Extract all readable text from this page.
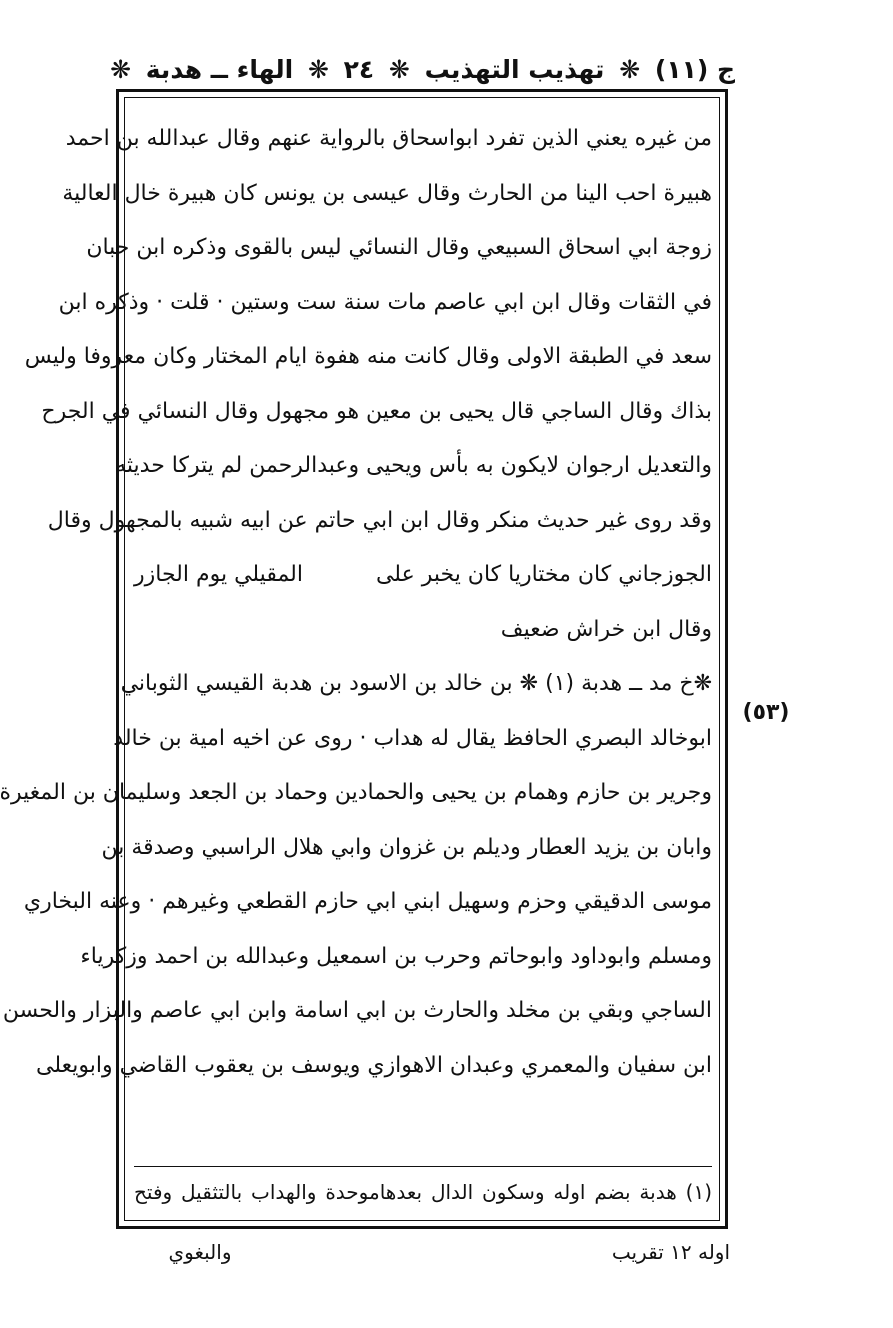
ج (١١)
❋
تهذيب التهذيب
❋
٢٤
❋
الهاء ــ هدبة
❋
(٥٣)
من غيره يعني الذين تفرد ابواسحاق بالرواية عنهم وقال عبدالله بن احمد
هبيرة احب الينا من الحارث وقال عيسى بن يونس كان هبيرة خال العالية
زوجة ابي اسحاق السبيعي وقال النسائي ليس بالقوى وذكره ابن حبان
في الثقات وقال ابن ابي عاصم مات سنة ست وستين · قلت · وذكره ابن
سعد في الطبقة الاولى وقال كانت منه هفوة ايام المختار وكان معروفا وليس
بذاك وقال الساجي قال يحيى بن معين هو مجهول وقال النسائي في الجرح
والتعديل ارجوان لايكون به بأس ويحيى وعبدالرحمن لم يتركا حديثه
وقد روى غير حديث منكر وقال ابن ابي حاتم عن ابيه شبيه بالمجهول وقال
الجوزجاني كان مختاريا كان يخبر على
المقيلي يوم الجازر
وقال ابن خراش ضعيف
❋خ مد ــ هدبة (١) ❋ بن خالد بن الاسود بن هدبة القيسي الثوباني
ابوخالد البصري الحافظ يقال له هداب · روى عن اخيه امية بن خالد
وجرير بن حازم وهمام بن يحيى والحمادين وحماد بن الجعد وسليمان بن المغيرة
وابان بن يزيد العطار وديلم بن غزوان وابي هلال الراسبي وصدقة بن
موسى الدقيقي وحزم وسهيل ابني ابي حازم القطعي وغيرهم · وعنه البخاري
ومسلم وابوداود وابوحاتم وحرب بن اسمعيل وعبدالله بن احمد وزكرياء
الساجي وبقي بن مخلد والحارث بن ابي اسامة وابن ابي عاصم والبزار والحسن
ابن سفيان والمعمري وعبدان الاهوازي ويوسف بن يعقوب القاضي وابويعلى
(١) هدبة بضم اوله وسكون الدال بعدهاموحدة والهداب بالتثقيل وفتح
اوله ١٢ تقريب
والبغوي
